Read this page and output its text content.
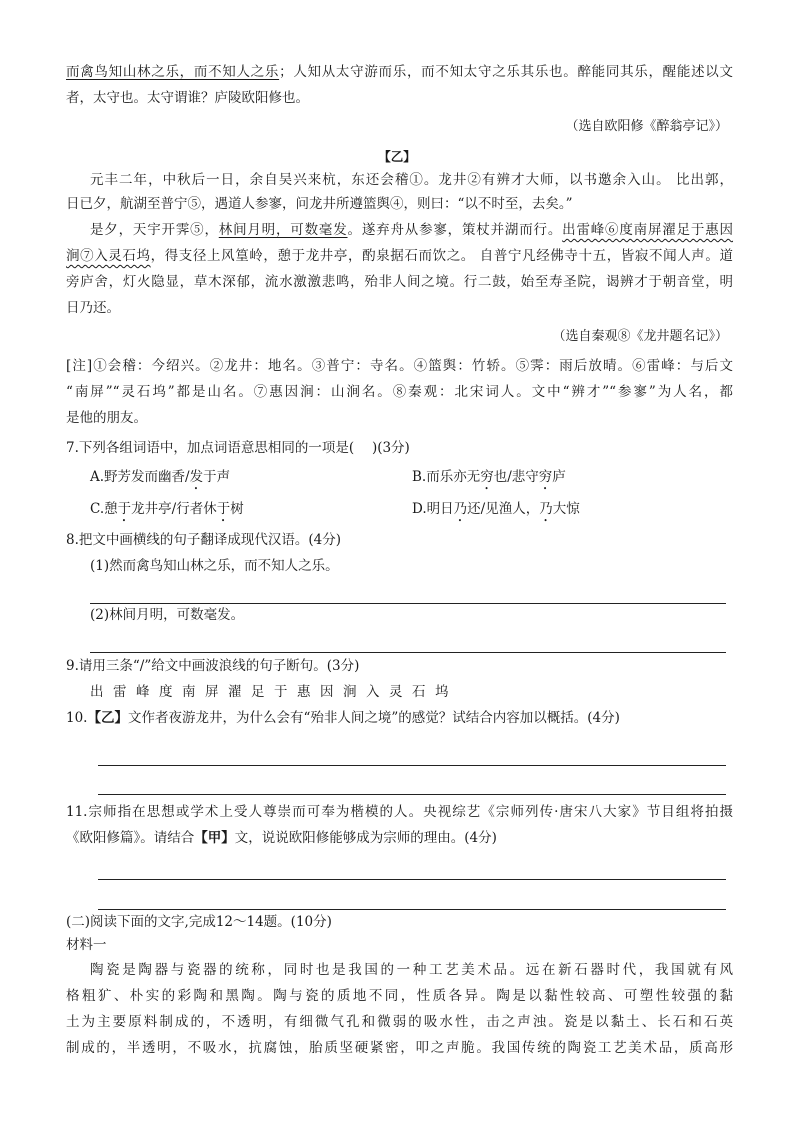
而禽鸟知山林之乐，而不知人之乐；人知从太守游而乐，而不知太守之乐其乐也。醉能同其乐，醒能述以文
者，太守也。太守谓谁？庐陵欧阳修也。
（选自欧阳修《醉翁亭记》）
【乙】
元丰二年，中秋后一日，余自吴兴来杭，东还会稽①。龙井②有辨才大师，以书邀余入山。 比出郭，
日已夕，航湖至普宁⑤，遇道人参寥，问龙井所遵篮舆④，则曰：“以不时至，去矣。”
是夕，天宇开霁⑤，林间月明，可数毫发。遂弃舟从参寥，策杖并湖而行。出雷峰⑥度南屏濯足于惠因
涧⑦入灵石坞，得支径上风篁岭，憩于龙井亭，酌泉据石而饮之。 自普宁凡经佛寺十五，皆寂不闻人声。道
旁庐舍，灯火隐显，草木深郁，流水激激悲鸣，殆非人间之境。行二鼓，始至寿圣院，谒辨才于朝音堂，明
日乃还。
（选自秦观⑧《龙井题名记》）
[注]①会稽：今绍兴。②龙井：地名。③普宁：寺名。④篮舆：竹轿。⑤霁：雨后放晴。⑥雷峰：与后文
“南屏”“灵石坞”都是山名。⑦惠因涧：山涧名。⑧秦观：北宋词人。文中“辨才”“参寥”为人名，都
是他的朋友。
7.下列各组词语中，加点词语意思相同的一项是(　 )(3分)
A.野芳发而幽香/发于声	B.而乐亦无穷也/悲守穷庐
C.憩于龙井亭/行者休于树	D.明日乃还/见渔人，乃大惊
8.把文中画横线的句子翻译成现代汉语。(4分)
(1)然而禽鸟知山林之乐，而不知人之乐。
(2)林间月明，可数毫发。
9.请用三条“/”给文中画波浪线的句子断句。(3分)
出雷峰度南屏濯足于惠因涧入灵石坞
10.【乙】文作者夜游龙井，为什么会有“殆非人间之境”的感觉？试结合内容加以概括。(4分)
11.宗师指在思想或学术上受人尊崇而可奉为楷模的人。央视综艺《宗师列传·唐宋八大家》节目组将拍摄
《欧阳修篇》。请结合【甲】文，说说欧阳修能够成为宗师的理由。(4分)
(二)阅读下面的文字,完成12～14题。(10分)
材料一
陶瓷是陶器与瓷器的统称，同时也是我国的一种工艺美术品。远在新石器时代，我国就有风
格粗犷、朴实的彩陶和黑陶。陶与瓷的质地不同，性质各异。陶是以黏性较高、可塑性较强的黏
土为主要原料制成的，不透明，有细微气孔和微弱的吸水性，击之声浊。瓷是以黏土、长石和石英
制成的，半透明，不吸水，抗腐蚀，胎质坚硬紧密，叩之声脆。我国传统的陶瓷工艺美术品，质高形
